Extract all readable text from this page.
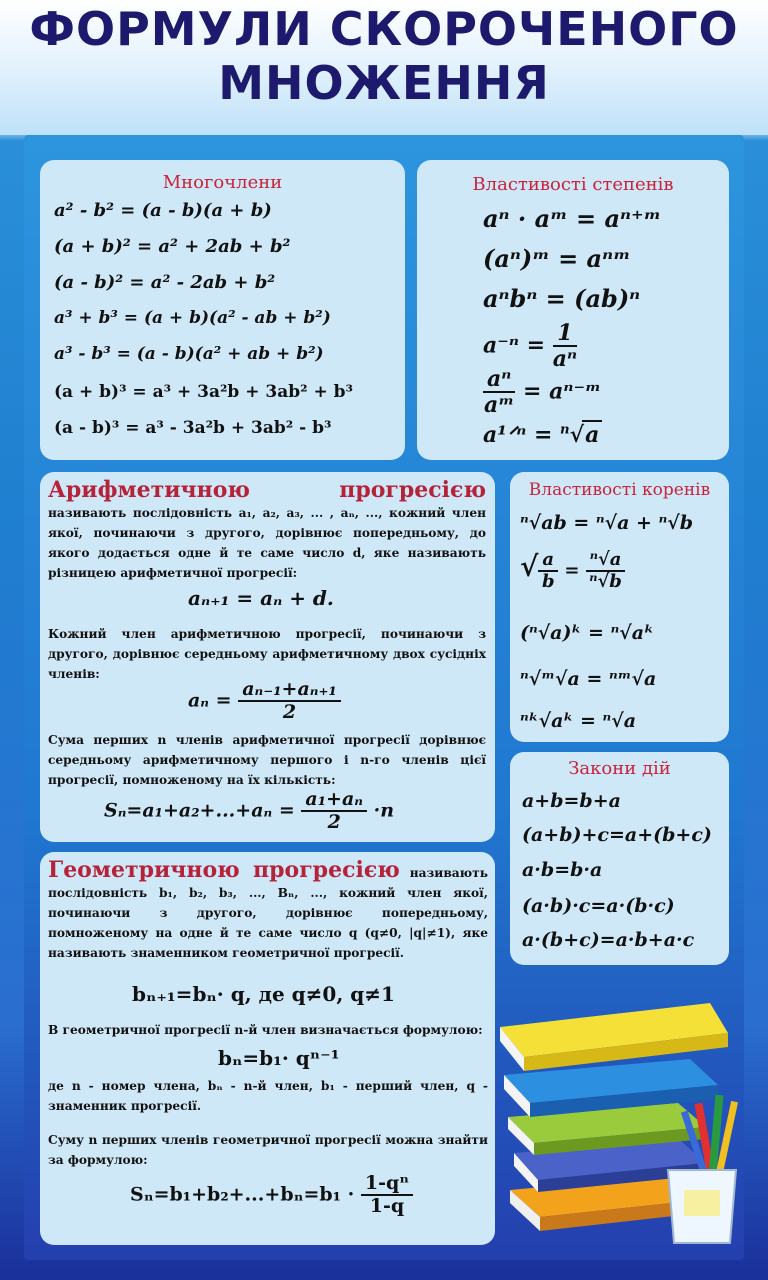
ФОРМУЛИ СКОРОЧЕНОГО
МНОЖЕННЯ
Многочлени
a² - b² = (a - b)(a + b)
(a + b)² = a² + 2ab + b²
(a - b)² = a² - 2ab + b²
a³ + b³ = (a + b)(a² - ab + b²)
a³ - b³ = (a - b)(a² + ab + b²)
(a + b)³ = a³ + 3a²b + 3ab² + b³
(a - b)³ = a³ - 3a²b + 3ab² - b³
Властивості степенів
aⁿ · aᵐ = aⁿ⁺ᵐ
(aⁿ)ᵐ = aⁿᵐ
aⁿbⁿ = (ab)ⁿ
$a^{-n} = \frac{1}{\text{aⁿ}}$
$\frac{\text{aⁿ}}{\text{aᵐ}}$ = aⁿ⁻ᵐ
a¹ᐟⁿ = $^n$√a
Арифметичною прогресією називають послідовність a₁, a₂, a₃, ... , aₙ, ..., кожний член якої, починаючи з другого, дорівнює попередньому, до якого додається одне й те саме число d, яке називають різницею арифметичної прогресії:
aₙ₊₁ = aₙ + d.
Кожний член арифметичною прогресії, починаючи з другого, дорівнює середньому арифметичному двох сусідніх членів:
$a_n = \frac{\text{aₙ₋₁+aₙ₊₁}}{2}$
Сума перших n членів арифметичної прогресії дорівнює середньому арифметичному першого і n-го членів цієї прогресії, помноженому на їх кількість:
$S_n=a_1+a_2+...+a_n = \frac{\text{a₁+aₙ}}{2} \cdot n$
Властивості коренів
ⁿ√ab = ⁿ√a + ⁿ√b
√ $\frac{a}{b} = \frac{\text{ⁿ√a}}{\text{ⁿ√b}}$
(ⁿ√a)ᵏ = ⁿ√aᵏ
ⁿ√ᵐ√a = ⁿᵐ√a
ⁿᵏ√aᵏ = ⁿ√a
Закони дій
a+b=b+a
(a+b)+c=a+(b+c)
a·b=b·a
(a·b)·c=a·(b·c)
a·(b+c)=a·b+a·c
Геометричною прогресією називають послідовність b₁, b₂, b₃, ..., Bₙ, ..., кожний член якої, починаючи з другого, дорівнює попередньому, помноженому на одне й те саме число q (q≠0, |q|≠1), яке називають знаменником геометричної прогресії.
bₙ₊₁=bₙ· q, де q≠0, q≠1
В геометричної прогресії n-й член визначається формулою:
bₙ=b₁· qⁿ⁻¹
де n - номер члена, bₙ - n-й член, b₁ - перший член, q - знаменник прогресії.
Суму n перших членів геометричної прогресії можна знайти за формулою:
$S_n=b_1+b_2+...+b_n=b_1 \cdot \frac{\text{1-qⁿ}}{1-q}$
